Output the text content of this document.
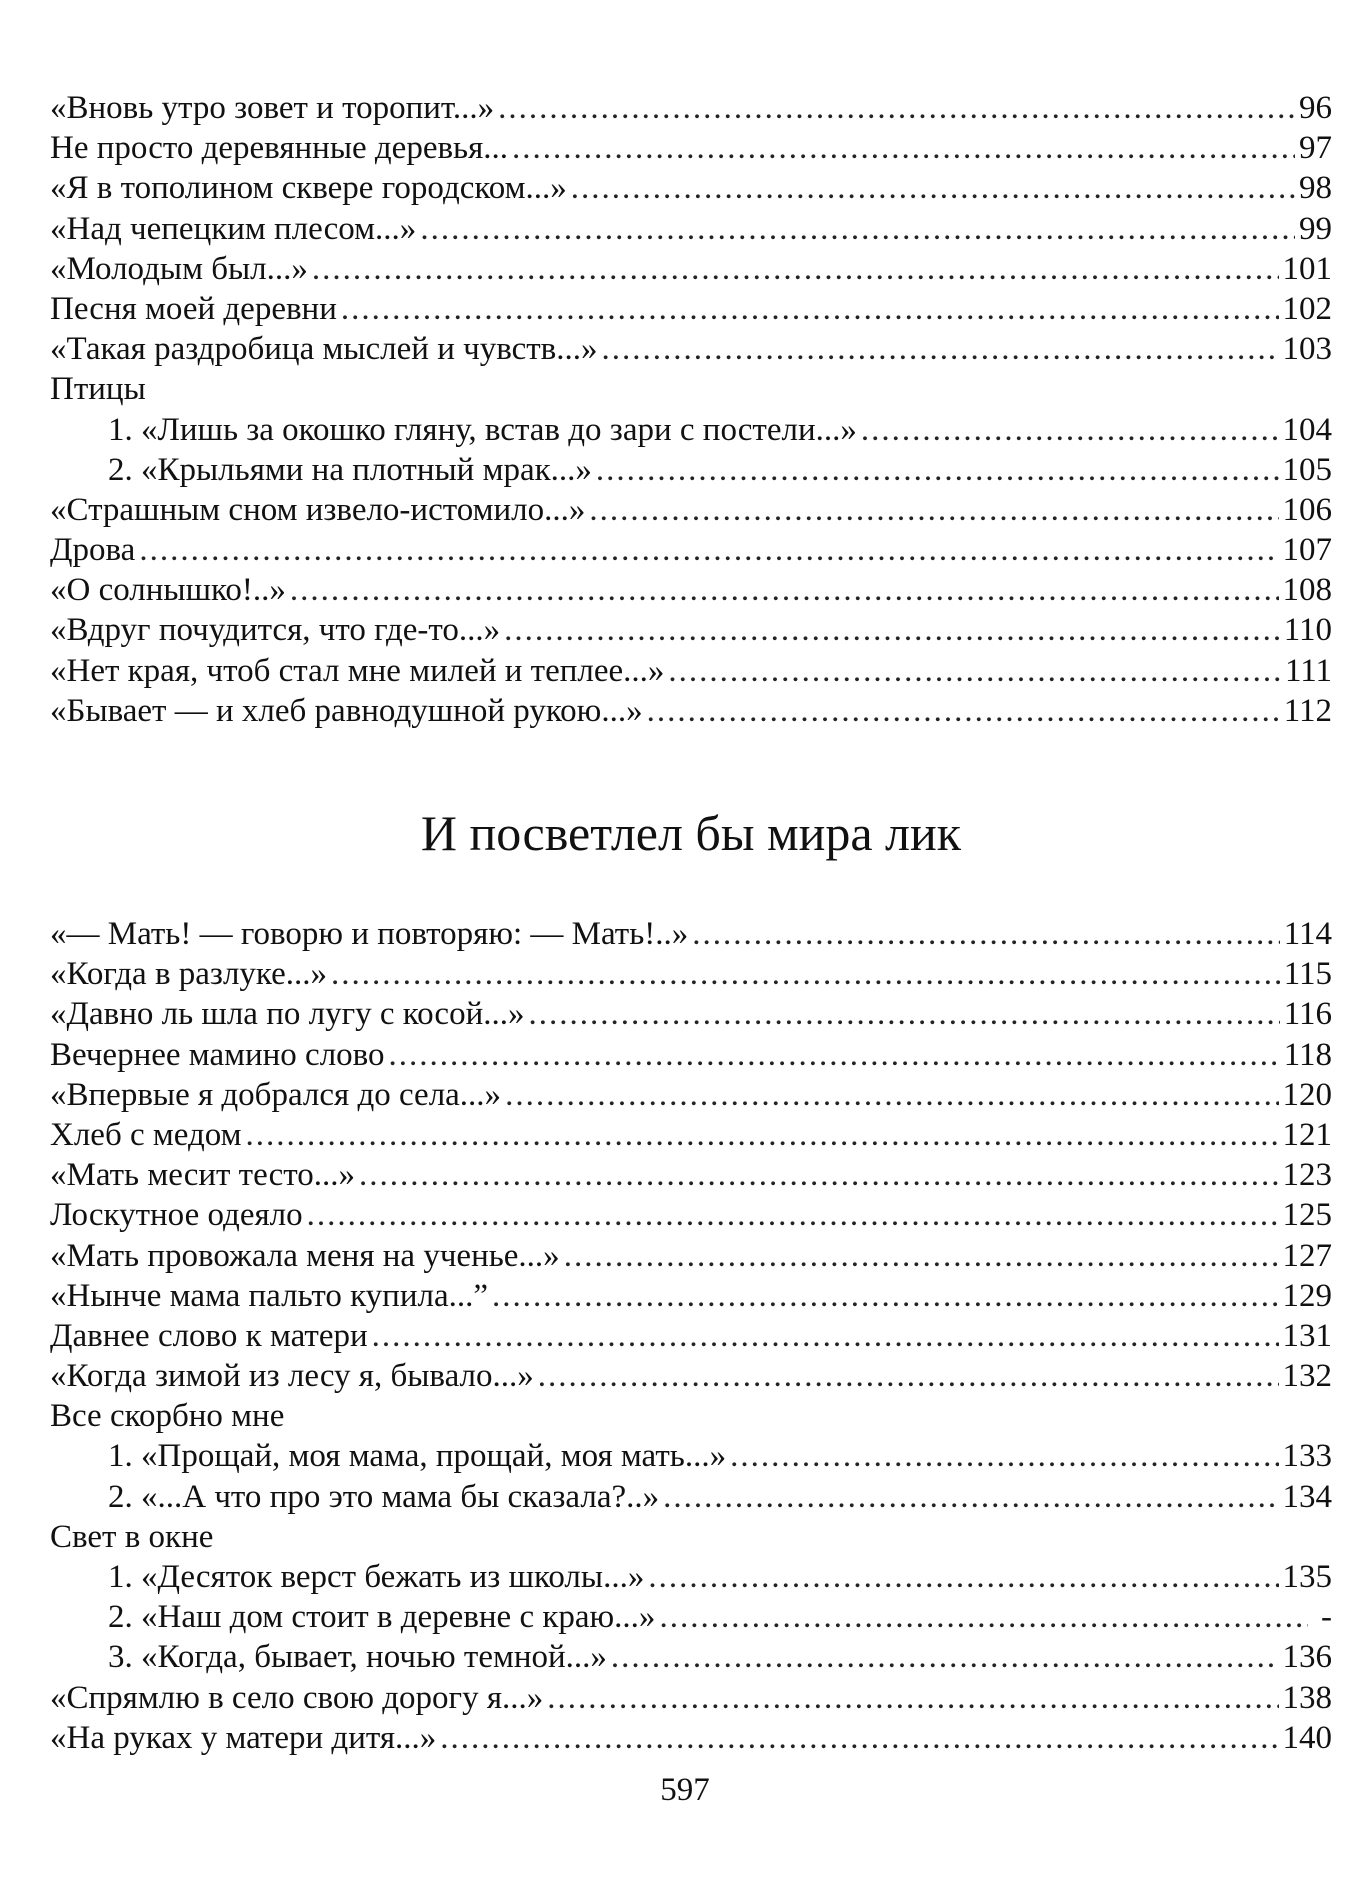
«Вновь утро зовет и торопит...» .....	96
Не просто деревянные деревья... .....	97
«Я в тополином сквере городском...» .....	98
«Над чепецким плесом...» .....	99
«Молодым был...» .....	101
Песня моей деревни .....	102
«Такая раздробица мыслей и чувств...» .....	103
Птицы
1. «Лишь за окошко гляну, встав до зари с постели...» .....	104
2. «Крыльями на плотный мрак...» .....	105
«Страшным сном извело-истомило...» .....	106
Дрова .....	107
«О солнышко!..» .....	108
«Вдруг почудится, что где-то...» .....	110
«Нет края, чтоб стал мне милей и теплее...» .....	111
«Бывает — и хлеб равнодушной рукою...» .....	112
И посветлел бы мира лик
«— Мать! — говорю и повторяю: — Мать!..» .....	114
«Когда в разлуке...» .....	115
«Давно ль шла по лугу с косой...» .....	116
Вечернее мамино слово .....	118
«Впервые я добрался до села...» .....	120
Хлеб с медом .....	121
«Мать месит тесто...» .....	123
Лоскутное одеяло .....	125
«Мать провожала меня на ученье...» .....	127
«Нынче мама пальто купила...” .....	129
Давнее слово к матери .....	131
«Когда зимой из лесу я, бывало...» .....	132
Все скорбно мне
1. «Прощай, моя мама, прощай, моя мать...» .....	133
2. «...А что про это мама бы сказала?..» .....	134
Свет в окне
1. «Десяток верст бежать из школы...» .....	135
2. «Наш дом стоит в деревне с краю...» .....	-
3. «Когда, бывает, ночью темной...» .....	136
«Спрямлю в село свою дорогу я...» .....	138
«На руках у матери дитя...» .....	140
597
